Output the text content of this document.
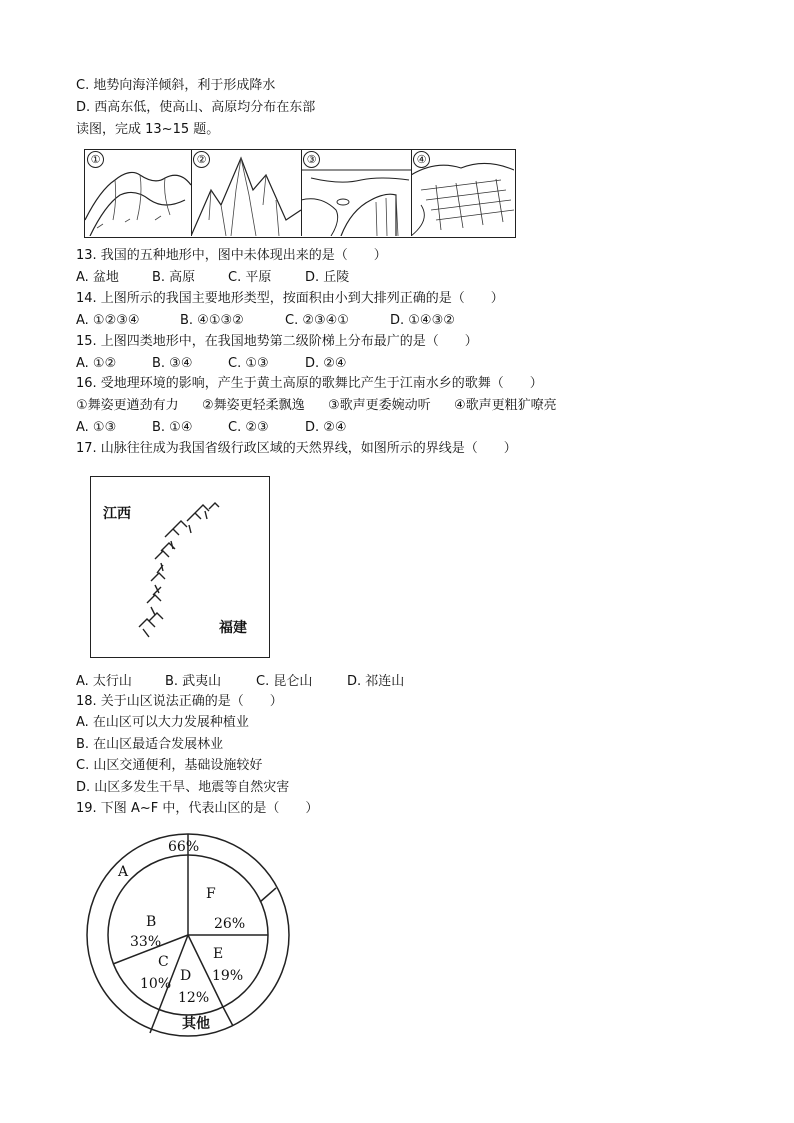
C. 地势向海洋倾斜，利于形成降水
D. 西高东低，使高山、高原均分布在东部
读图，完成 13~15 题。
①	②	③	④
13. 我国的五种地形中，图中未体现出来的是（　　）
A. 盆地	B. 高原	C. 平原	D. 丘陵
14. 上图所示的我国主要地形类型，按面积由小到大排列正确的是（　　）
A. ①②③④	B. ④①③②	C. ②③④①	D. ①④③②
15. 上图四类地形中，在我国地势第二级阶梯上分布最广的是（　　）
A. ①②	B. ③④	C. ①③	D. ②④
16. 受地理环境的影响，产生于黄土高原的歌舞比产生于江南水乡的歌舞（　　）
①舞姿更遒劲有力 ②舞姿更轻柔飘逸 ③歌声更委婉动听 ④歌声更粗犷嘹亮
A. ①③	B. ①④	C. ②③	D. ②④
17. 山脉往往成为我国省级行政区域的天然界线，如图所示的界线是（　　）
江西
福建
A. 太行山	B. 武夷山	C. 昆仑山	D. 祁连山
18. 关于山区说法正确的是（　　）
A. 在山区可以大力发展种植业
B. 在山区最适合发展林业
C. 山区交通便利，基础设施较好
D. 山区多发生干旱、地震等自然灾害
19. 下图 A~F 中，代表山区的是（　　）
66%
A
F
26%
B
33%
E
19%
C
10% D
12%
其他
